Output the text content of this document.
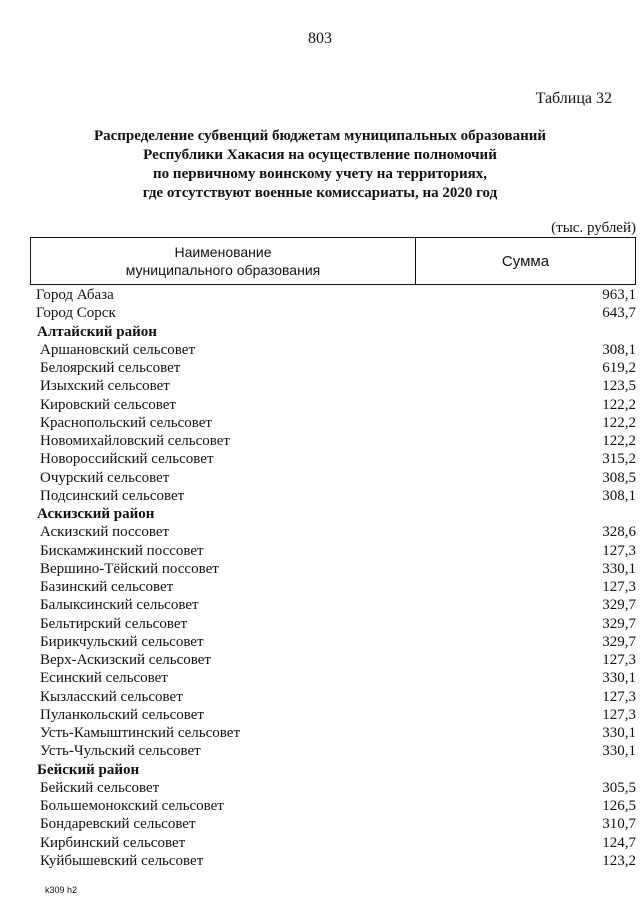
803
Таблица 32
Распределение субвенций бюджетам муниципальных образований
Республики Хакасия на осуществление полномочий
по первичному воинскому учету на территориях,
где отсутствуют военные комиссариаты, на 2020 год
(тыс. рублей)
Наименование
муниципального образования
Сумма
Город Абаза	963,1
Город Сорск	643,7
Алтайский район
Аршановский сельсовет	308,1
Белоярский сельсовет	619,2
Изыхский сельсовет	123,5
Кировский сельсовет	122,2
Краснопольский сельсовет	122,2
Новомихайловский сельсовет	122,2
Новороссийский сельсовет	315,2
Очурский сельсовет	308,5
Подсинский сельсовет	308,1
Аскизский район
Аскизский поссовет	328,6
Бискамжинский поссовет	127,3
Вершино-Тёйский поссовет	330,1
Базинский сельсовет	127,3
Балыксинский сельсовет	329,7
Бельтирский сельсовет	329,7
Бирикчульский сельсовет	329,7
Верх-Аскизский сельсовет	127,3
Есинский сельсовет	330,1
Кызласский сельсовет	127,3
Пуланкольский сельсовет	127,3
Усть-Камыштинский сельсовет	330,1
Усть-Чульский сельсовет	330,1
Бейский район
Бейский сельсовет	305,5
Большемонокский сельсовет	126,5
Бондаревский сельсовет	310,7
Кирбинский сельсовет	124,7
Куйбышевский сельсовет	123,2
k309 h2
